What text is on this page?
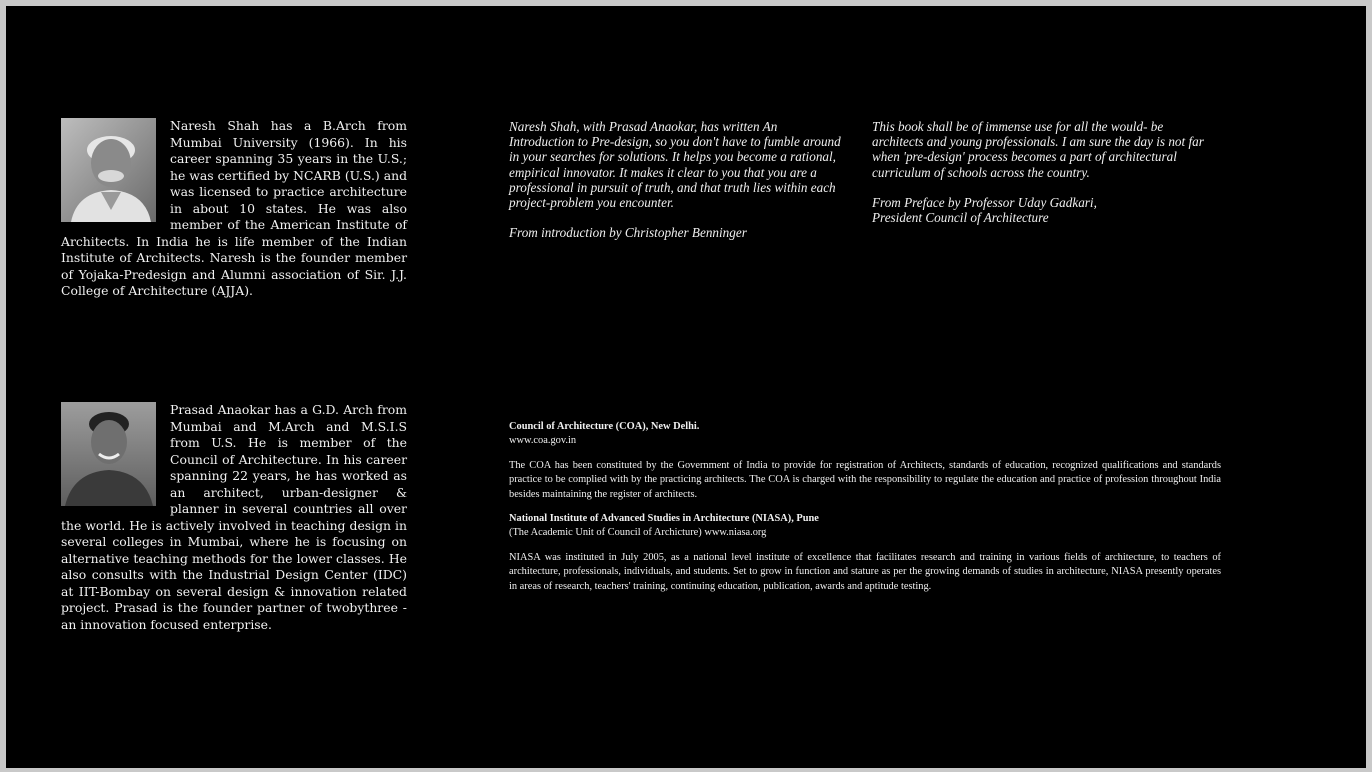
Naresh Shah has a B.Arch from Mumbai University (1966). In his career spanning 35 years in the U.S.; he was certified by NCARB (U.S.) and was licensed to practice architecture in about 10 states. He was also member of the American Institute of Architects. In India he is life member of the Indian Institute of Architects. Naresh is the founder member of Yojaka-Predesign and Alumni association of Sir. J.J. College of Architecture (AJJA).
Prasad Anaokar has a G.D. Arch from Mumbai and M.Arch and M.S.I.S from U.S. He is member of the Council of Architecture. In his career spanning 22 years, he has worked as an architect, urban-designer & planner in several countries all over the world. He is actively involved in teaching design in several colleges in Mumbai, where he is focusing on alternative teaching methods for the lower classes. He also consults with the Industrial Design Center (IDC) at IIT-Bombay on several design & innovation related project. Prasad is the founder partner of twobythree - an innovation focused enterprise.

Naresh Shah, with Prasad Anaokar, has written An Introduction to Pre-design, so you don't have to fumble around in your searches for solutions. It helps you become a rational, empirical innovator. It makes it clear to you that you are a professional in pursuit of truth, and that truth lies within each project-problem you encounter.

From introduction by Christopher Benninger

This book shall be of immense use for all the would- be architects and young professionals. I am sure the day is not far when 'pre-design' process becomes a part of architectural curriculum of schools across the country.

From Preface by Professor Uday Gadkari,
President Council of Architecture

Council of Architecture (COA), New Delhi.

www.coa.gov.in

The COA has been constituted by the Government of India to provide for registration of Architects, standards of education, recognized qualifications and standards practice to be complied with by the practicing architects. The COA is charged with the responsibility to regulate the education and practice of profession throughout India besides maintaining the register of architects.

National Institute of Advanced Studies in Architecture (NIASA), Pune

(The Academic Unit of Council of Archicture) www.niasa.org

NIASA was instituted in July 2005, as a national level institute of excellence that facilitates research and training in various fields of architecture, to teachers of architecture, professionals, individuals, and students. Set to grow in function and stature as per the growing demands of studies in architecture, NIASA presently operates in areas of research, teachers' training, continuing education, publication, awards and aptitude testing.
